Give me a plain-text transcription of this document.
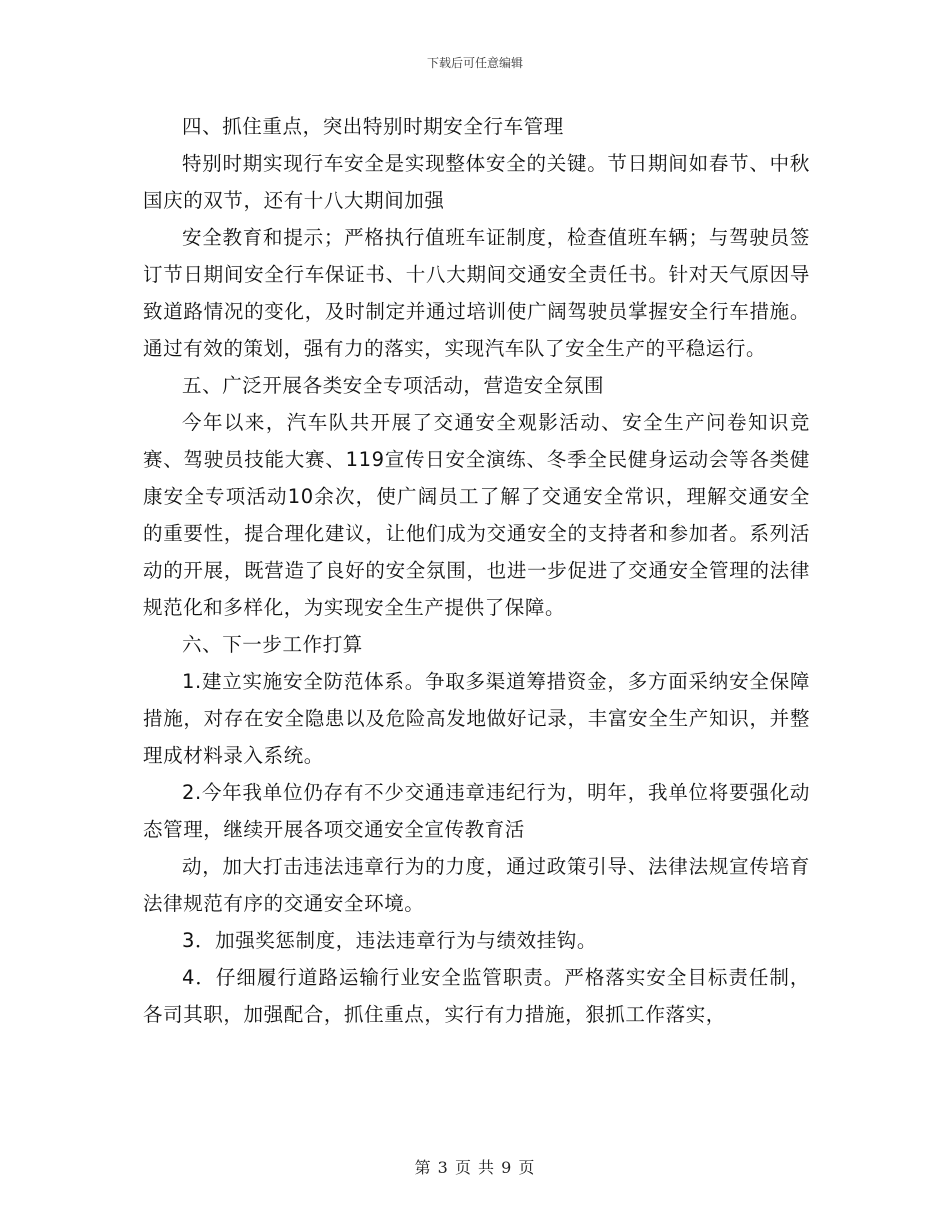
下载后可任意编辑

四、抓住重点，突出特别时期安全行车管理

特别时期实现行车安全是实现整体安全的关键。节日期间如春节、中秋国庆的双节，还有十八大期间加强

安全教育和提示；严格执行值班车证制度，检查值班车辆；与驾驶员签订节日期间安全行车保证书、十八大期间交通安全责任书。针对天气原因导致道路情况的变化，及时制定并通过培训使广阔驾驶员掌握安全行车措施。通过有效的策划，强有力的落实，实现汽车队了安全生产的平稳运行。

五、广泛开展各类安全专项活动，营造安全氛围

今年以来，汽车队共开展了交通安全观影活动、安全生产问卷知识竞赛、驾驶员技能大赛、119宣传日安全演练、冬季全民健身运动会等各类健康安全专项活动10余次，使广阔员工了解了交通安全常识，理解交通安全的重要性，提合理化建议，让他们成为交通安全的支持者和参加者。系列活动的开展，既营造了良好的安全氛围，也进一步促进了交通安全管理的法律规范化和多样化，为实现安全生产提供了保障。

六、下一步工作打算

1.建立实施安全防范体系。争取多渠道筹措资金，多方面采纳安全保障措施，对存在安全隐患以及危险高发地做好记录，丰富安全生产知识，并整理成材料录入系统。

2.今年我单位仍存有不少交通违章违纪行为，明年，我单位将要强化动态管理，继续开展各项交通安全宣传教育活

动，加大打击违法违章行为的力度，通过政策引导、法律法规宣传培育法律规范有序的交通安全环境。

3．加强奖惩制度，违法违章行为与绩效挂钩。

4．仔细履行道路运输行业安全监管职责。严格落实安全目标责任制，各司其职，加强配合，抓住重点，实行有力措施，狠抓工作落实，

第 3 页 共 9 页
